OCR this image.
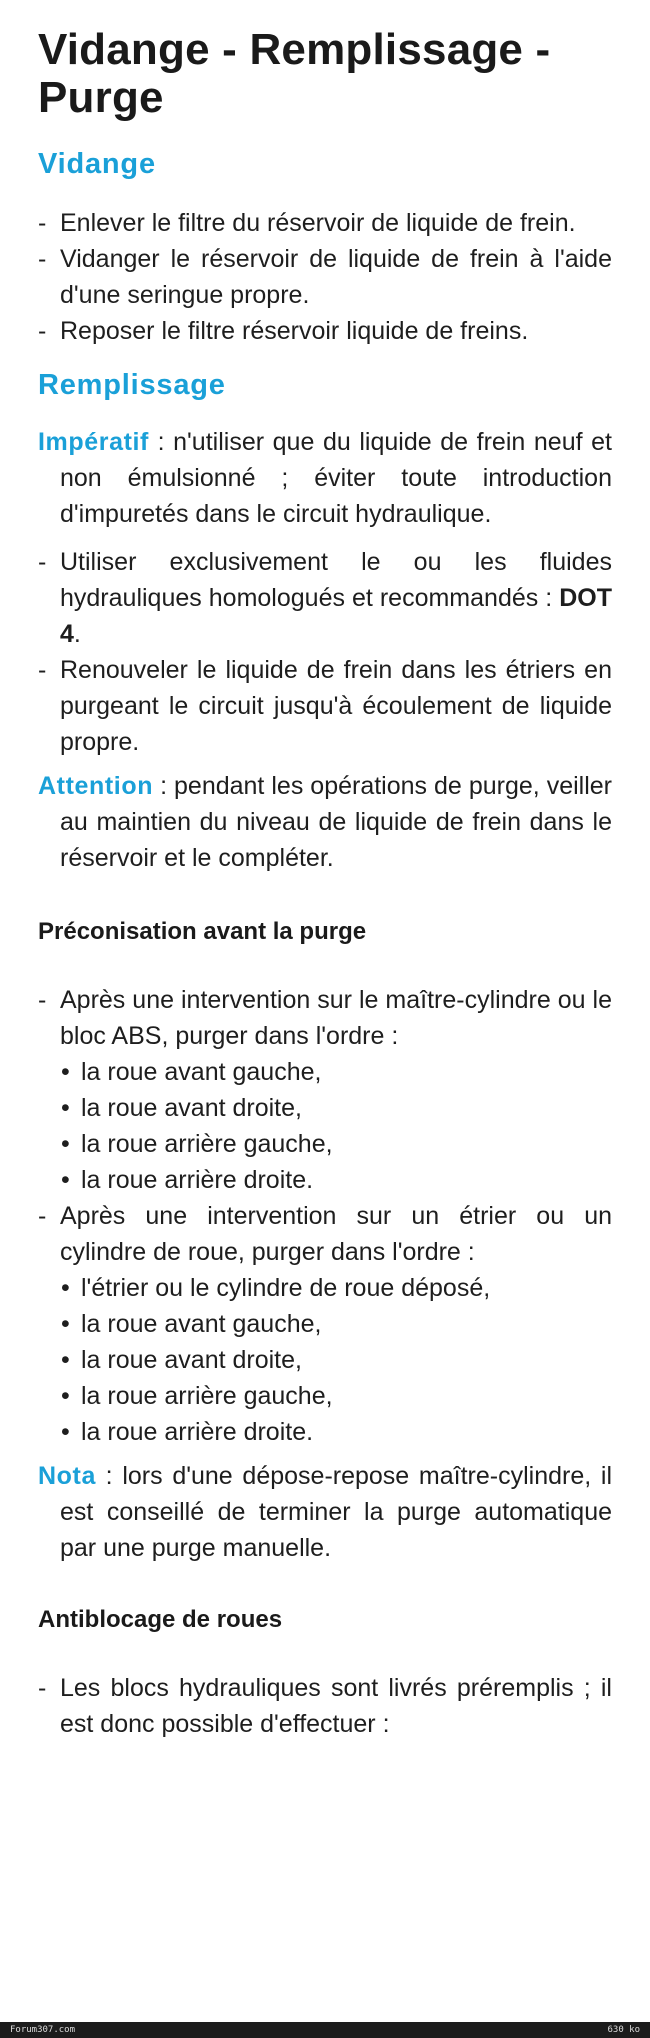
Vidange - Remplissage - Purge
Vidange

- Enlever le filtre du réservoir de liquide de frein.

- Vidanger le réservoir de liquide de frein à l'aide d'une seringue propre.

- Reposer le filtre réservoir liquide de freins.

Remplissage

Impératif : n'utiliser que du liquide de frein neuf et non émulsionné ; éviter toute introduction d'impuretés dans le circuit hydraulique.

- Utiliser exclusivement le ou les fluides hydrauliques homologués et recommandés : DOT 4.

- Renouveler le liquide de frein dans les étriers en purgeant le circuit jusqu'à écoulement de liquide propre.

Attention : pendant les opérations de purge, veiller au maintien du niveau de liquide de frein dans le réservoir et le compléter.

Préconisation avant la purge

- Après une intervention sur le maître-cylindre ou le bloc ABS, purger dans l'ordre :

• la roue avant gauche,

• la roue avant droite,

• la roue arrière gauche,

• la roue arrière droite.

- Après une intervention sur un étrier ou un cylindre de roue, purger dans l'ordre :

• l'étrier ou le cylindre de roue déposé,

• la roue avant gauche,

• la roue avant droite,

• la roue arrière gauche,

• la roue arrière droite.

Nota : lors d'une dépose-repose maître-cylindre, il est conseillé de terminer la purge automatique par une purge manuelle.

Antiblocage de roues

- Les blocs hydrauliques sont livrés préremplis ; il est donc possible d'effectuer :

Forum307.com	630 ko
